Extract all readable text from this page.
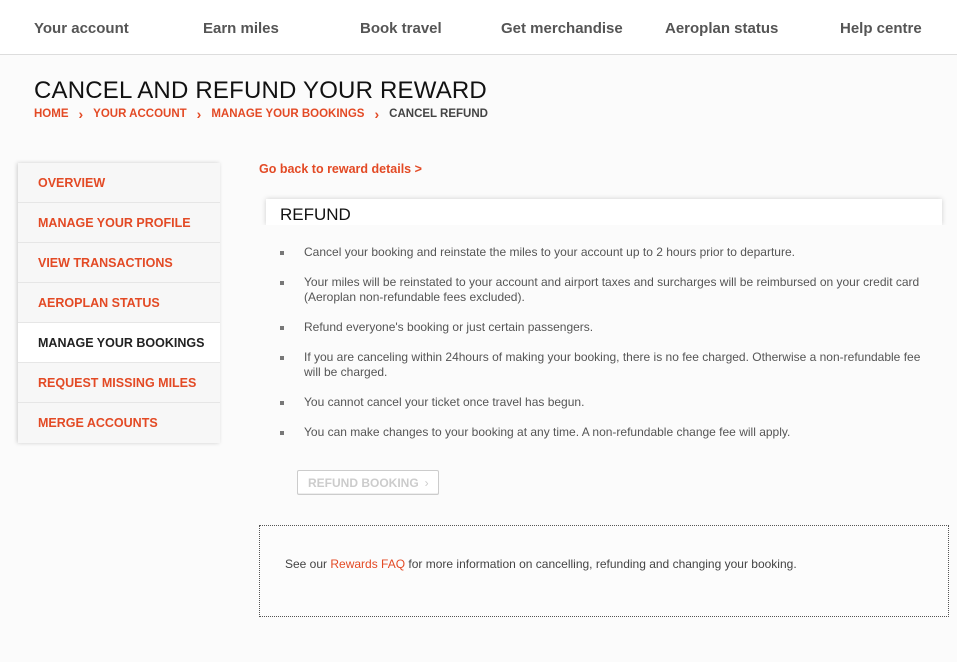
Your account	Earn miles	Book travel	Get merchandise	Aeroplan status	Help centre
CANCEL AND REFUND YOUR REWARD
HOME › YOUR ACCOUNT › MANAGE YOUR BOOKINGS › CANCEL REFUND
OVERVIEW
MANAGE YOUR PROFILE
VIEW TRANSACTIONS
AEROPLAN STATUS
MANAGE YOUR BOOKINGS
REQUEST MISSING MILES
MERGE ACCOUNTS
Go back to reward details >
REFUND
Cancel your booking and reinstate the miles to your account up to 2 hours prior to departure.
Your miles will be reinstated to your account and airport taxes and surcharges will be reimbursed on your credit card (Aeroplan non-refundable fees excluded).
Refund everyone's booking or just certain passengers.
If you are canceling within 24hours of making your booking, there is no fee charged. Otherwise a non-refundable fee will be charged.
You cannot cancel your ticket once travel has begun.
You can make changes to your booking at any time. A non-refundable change fee will apply.
REFUND BOOKING ›

See our Rewards FAQ for more information on cancelling, refunding and changing your booking.
